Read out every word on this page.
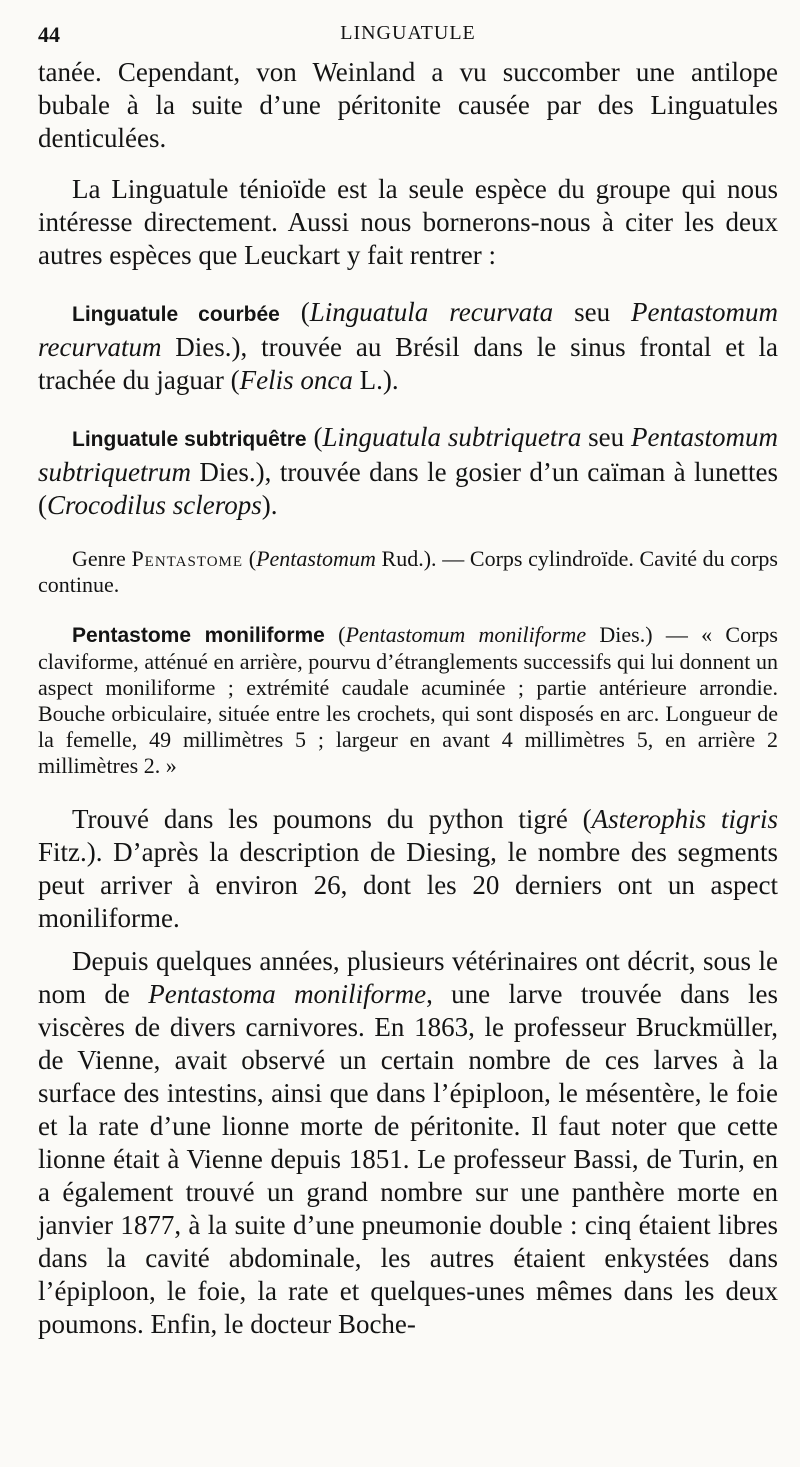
44	LINGUATULE

tanée. Cependant, von Weinland a vu succomber une antilope bubale à la suite d’une péritonite causée par des Linguatules denticulées.

La Linguatule ténioïde est la seule espèce du groupe qui nous intéresse directement. Aussi nous bornerons-nous à citer les deux autres espèces que Leuckart y fait rentrer :

Linguatule courbée (Linguatula recurvata seu Pentastomum recurvatum Dies.), trouvée au Brésil dans le sinus frontal et la trachée du jaguar (Felis onca L.).

Linguatule subtriquêtre (Linguatula subtriquetra seu Pentastomum subtriquetrum Dies.), trouvée dans le gosier d’un caïman à lunettes (Crocodilus sclerops).

Genre Pentastome (Pentastomum Rud.). — Corps cylindroïde. Cavité du corps continue.

Pentastome moniliforme (Pentastomum moniliforme Dies.) — « Corps claviforme, atténué en arrière, pourvu d’étranglements successifs qui lui donnent un aspect moniliforme ; extrémité caudale acuminée ; partie antérieure arrondie. Bouche orbiculaire, située entre les crochets, qui sont disposés en arc. Longueur de la femelle, 49 millimètres 5 ; largeur en avant 4 millimètres 5, en arrière 2 millimètres 2. »

Trouvé dans les poumons du python tigré (Asterophis tigris Fitz.). D’après la description de Diesing, le nombre des segments peut arriver à environ 26, dont les 20 derniers ont un aspect moniliforme.

Depuis quelques années, plusieurs vétérinaires ont décrit, sous le nom de Pentastoma moniliforme, une larve trouvée dans les viscères de divers carnivores. En 1863, le professeur Bruckmüller, de Vienne, avait observé un certain nombre de ces larves à la surface des intestins, ainsi que dans l’épiploon, le mésentère, le foie et la rate d’une lionne morte de péritonite. Il faut noter que cette lionne était à Vienne depuis 1851. Le professeur Bassi, de Turin, en a également trouvé un grand nombre sur une panthère morte en janvier 1877, à la suite d’une pneumonie double : cinq étaient libres dans la cavité abdominale, les autres étaient enkystées dans l’épiploon, le foie, la rate et quelques-unes mêmes dans les deux poumons. Enfin, le docteur Boche-
